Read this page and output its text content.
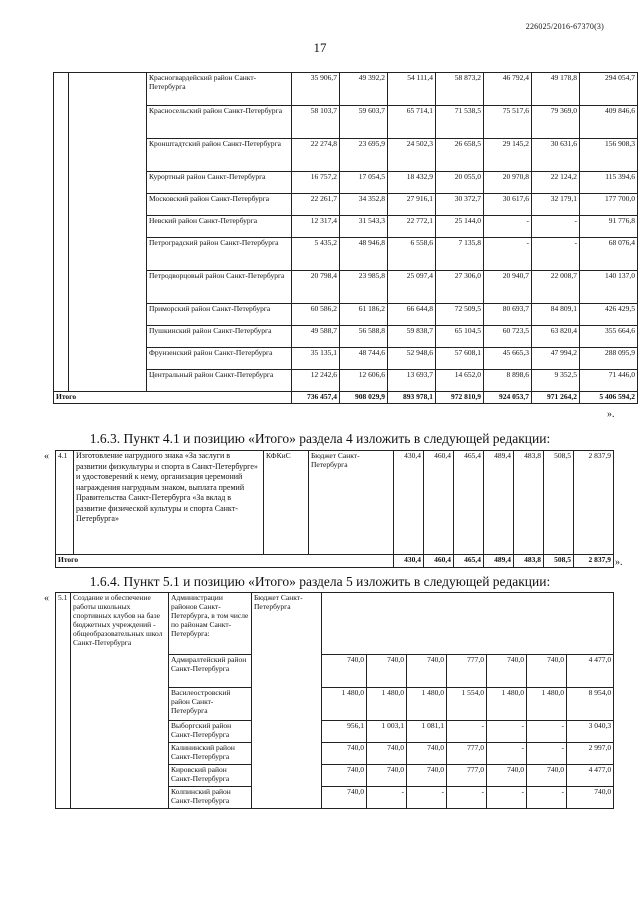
226025/2016-67370(3)
17
		Красногвардейский район Санкт-Петербурга	35 906,7	49 392,2	54 111,4	58 873,2	46 792,4	49 178,8	294 054,7
		Красносельский район Санкт-Петербурга	58 103,7	59 603,7	65 714,1	71 538,5	75 517,6	79 369,0	409 846,6
		Кронштадтский район Санкт-Петербурга	22 274,8	23 695,9	24 502,3	26 658,5	29 145,2	30 631,6	156 908,3
		Курортный район Санкт-Петербурга	16 757,2	17 054,5	18 432,9	20 055,0	20 970,8	22 124,2	115 394,6
		Московский район Санкт-Петербурга	22 261,7	34 352,8	27 916,1	30 372,7	30 617,6	32 179,1	177 700,0
		Невский район Санкт-Петербурга	12 317,4	31 543,3	22 772,1	25 144,0	-	-	91 776,8
		Петроградский район Санкт-Петербурга	5 435,2	48 946,8	6 558,6	7 135,8	-	-	68 076,4
		Петродворцовый район Санкт-Петербурга	20 798,4	23 985,8	25 097,4	27 306,0	20 940,7	22 008,7	140 137,0
		Приморский район Санкт-Петербурга	60 586,2	61 186,2	66 644,8	72 509,5	80 693,7	84 809,1	426 429,5
		Пушкинский район Санкт-Петербурга	49 588,7	56 588,8	59 838,7	65 104,5	60 723,5	63 820,4	355 664,6
		Фрунзенский район Санкт-Петербурга	35 135,1	48 744,6	52 948,6	57 608,1	45 665,3	47 994,2	288 095,9
		Центральный район Санкт-Петербурга	12 242,6	12 606,6	13 693,7	14 652,0	8 898,6	9 352,5	71 446,0
Итого			736 457,4	908 029,9	893 978,1	972 810,9	924 053,7	971 264,2	5 406 594,2
».
1.6.3. Пункт 4.1 и позицию «Итого» раздела 4 изложить в следующей редакции:
« 4.1	Изготовление нагрудного знака «За заслуги в развитии физкультуры и спорта в Санкт-Петербурге» и удостоверений к нему, организация церемоний награждения нагрудным знаком, выплата премий Правительства Санкт-Петербурга «За вклад в развитие физической культуры и спорта Санкт-Петербурга»	КФКиС	Бюджет Санкт-Петербурга	430,4	460,4	465,4	489,4	483,8	508,5	2 837,9
Итого				430,4	460,4	465,4	489,4	483,8	508,5	2 837,9 ».
1.6.4. Пункт 5.1 и позицию «Итого» раздела 5 изложить в следующей редакции:
« 5.1	Создание и обеспечение работы школьных спортивных клубов на базе бюджетных учреждений - общеобразовательных школ Санкт-Петербурга	Администрации районов Санкт-Петербурга, в том числе по районам Санкт-Петербурга:	Бюджет Санкт-Петербурга							
		Адмиралтейский район Санкт-Петербурга		740,0	740,0	740,0	777,0	740,0	740,0	4 477,0
		Василеостровский район Санкт-Петербурга		1 480,0	1 480,0	1 480,0	1 554,0	1 480,0	1 480,0	8 954,0
		Выборгский район Санкт-Петербурга		956,1	1 003,1	1 081,1	-	-	-	3 040,3
		Калининский район Санкт-Петербурга		740,0	740,0	740,0	777,0	-	-	2 997,0
		Кировский район Санкт-Петербурга		740,0	740,0	740,0	777,0	740,0	740,0	4 477,0
		Колпинский район Санкт-Петербурга		740,0	-	-	-	-	-	740,0
